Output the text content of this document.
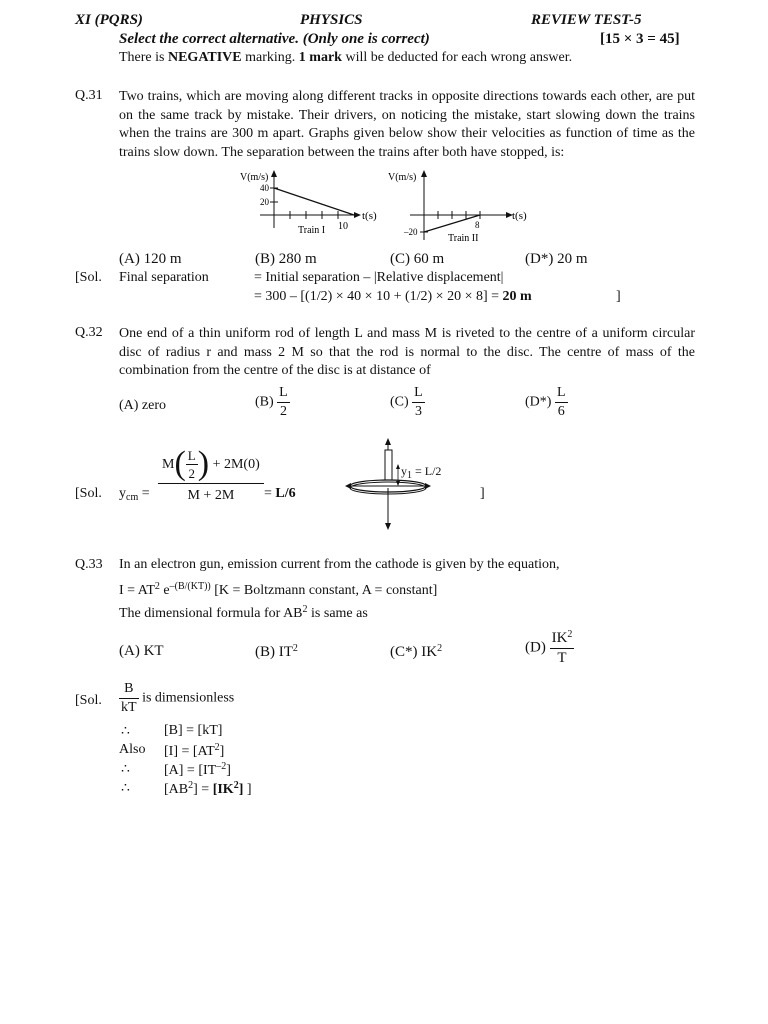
XI (PQRS)	PHYSICS	REVIEW TEST-5
Select the correct alternative. (Only one is correct)	[15 × 3 = 45]
There is NEGATIVE marking. 1 mark will be deducted for each wrong answer.
Q.31 Two trains, which are moving along different tracks in opposite directions towards each other, are put on the same track by mistake. Their drivers, on noticing the mistake, start slowing down the trains when the trains are 300 m apart. Graphs given below show their velocities as function of time as the trains slow down. The separation between the trains after both have stopped, is:
V(m/s)
40
20
10
t(s)
Train I
V(m/s)
–20
8
t(s)
Train II
(A) 120 m	(B) 280 m	(C) 60 m	(D*) 20 m
[Sol. Final separation	= Initial separation – |Relative displacement|
= 300 – [(1/2) × 40 × 10 + (1/2) × 20 × 8] = 20 m	]
Q.32 One end of a thin uniform rod of length L and mass M is riveted to the centre of a uniform circular disc of radius r and mass 2 M so that the rod is normal to the disc. The centre of mass of the combination from the centre of the disc is at distance of
(A) zero	$(B) \frac{L}{2}$	$(C) \frac{L}{3}$	$(D*) \frac{L}{6}$
[Sol. $y_{cm} = \frac{M( \frac{L}{2} ) + 2M(0)}{M + 2M} = L/6$	]
$y_1 = L/2$
Q.33 In an electron gun, emission current from the cathode is given by the equation,
$I = AT^2$ $e^{-(B/(KT))}$ [K = Boltzmann constant, A = constant]
The dimensional formula for $AB^2$ is same as
(A) KT	(B) $IT^2$	(C*) $IK^2$	$(D) \frac{IK^2}{T}$
[Sol. $\frac{B}{kT}$ is dimensionless
∴ [B] = [kT]
Also $[I] = [AT^2]$
∴ $[A] = [IT^{-2}]$
∴ $[AB^2] = [IK^2]$ ]
